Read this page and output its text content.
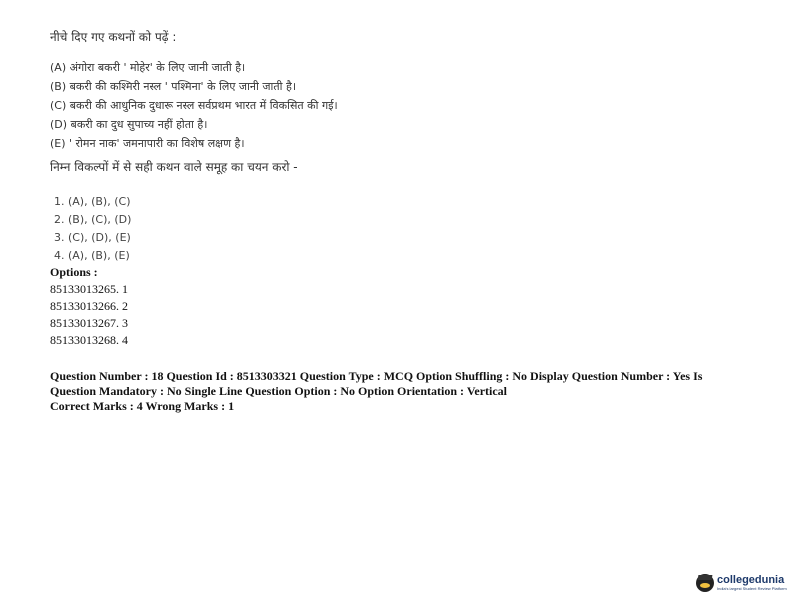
नीचे दिए गए कथनों को पढ़ें :
(A) अंगोरा बकरी ' मोहेर' के लिए जानी जाती है।
(B) बकरी की कश्मिरी नस्ल ' पश्मिना' के लिए जानी जाती है।
(C) बकरी की आधुनिक दुधारू नस्ल सर्वप्रथम भारत में विकसित की गई।
(D) बकरी का दुध सुपाच्य नहीं होता है।
(E) ' रोमन नाक' जमनापारी का विशेष लक्षण है।
निम्न विकल्पों में से सही कथन वाले समूह का चयन करो -
1. (A), (B), (C)
2. (B), (C), (D)
3. (C), (D), (E)
4. (A), (B), (E)
Options :
85133013265. 1
85133013266. 2
85133013267. 3
85133013268. 4
Question Number : 18 Question Id : 8513303321 Question Type : MCQ Option Shuffling : No Display Question Number : Yes Is Question Mandatory : No Single Line Question Option : No Option Orientation : Vertical
Correct Marks : 4 Wrong Marks : 1
collegedunia
India's largest Student Review Platform
